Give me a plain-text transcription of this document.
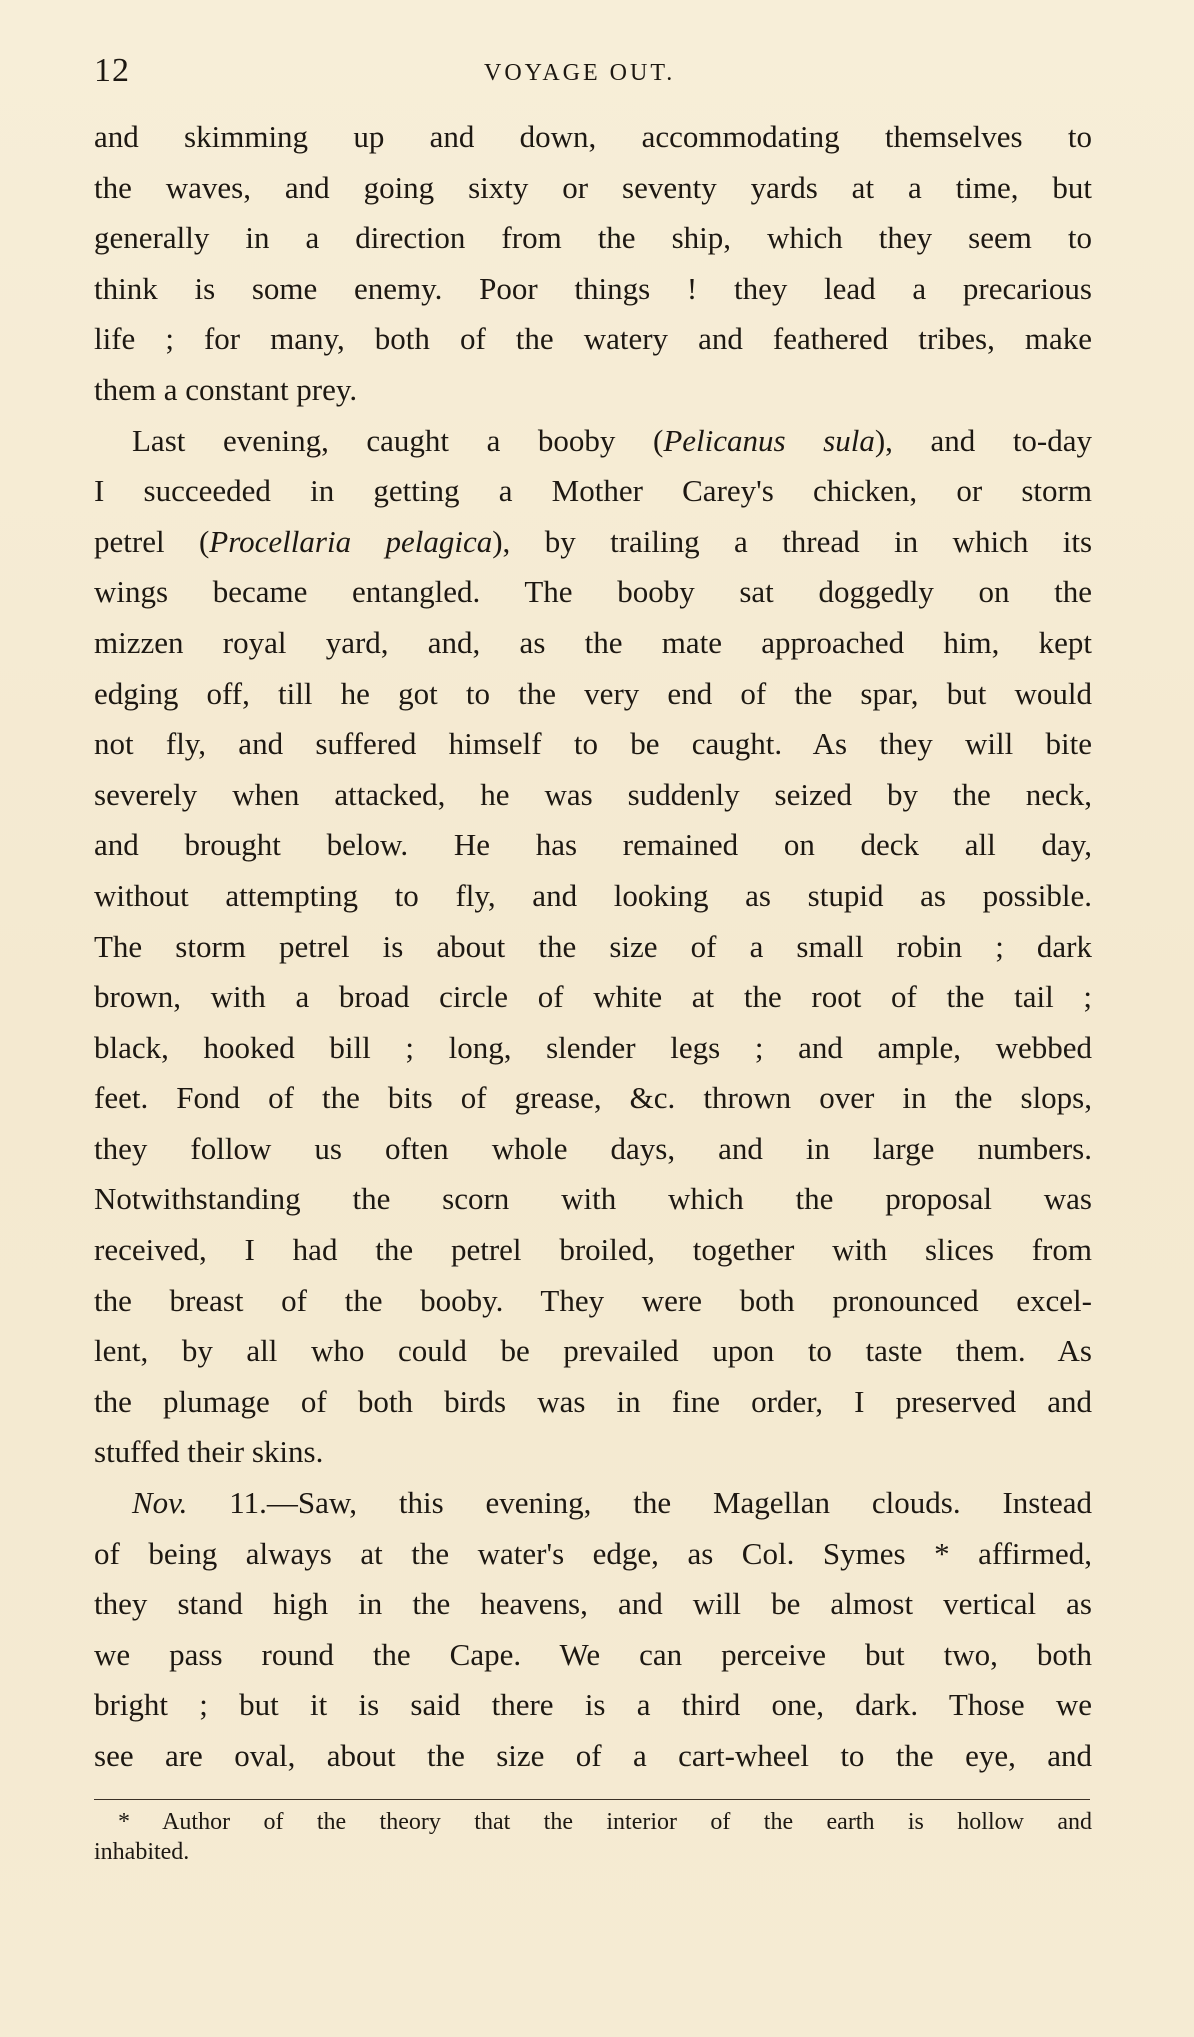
12	VOYAGE OUT.
and skimming up and down, accommodating themselves to
the waves, and going sixty or seventy yards at a time, but
generally in a direction from the ship, which they seem to
think is some enemy. Poor things ! they lead a precarious
life ; for many, both of the watery and feathered tribes, make
them a constant prey.
Last evening, caught a booby (Pelicanus sula), and to-day
I succeeded in getting a Mother Carey's chicken, or storm
petrel (Procellaria pelagica), by trailing a thread in which its
wings became entangled. The booby sat doggedly on the
mizzen royal yard, and, as the mate approached him, kept
edging off, till he got to the very end of the spar, but would
not fly, and suffered himself to be caught. As they will bite
severely when attacked, he was suddenly seized by the neck,
and brought below. He has remained on deck all day,
without attempting to fly, and looking as stupid as possible.
The storm petrel is about the size of a small robin ; dark
brown, with a broad circle of white at the root of the tail ;
black, hooked bill ; long, slender legs ; and ample, webbed
feet. Fond of the bits of grease, &c. thrown over in the slops,
they follow us often whole days, and in large numbers.
Notwithstanding the scorn with which the proposal was
received, I had the petrel broiled, together with slices from
the breast of the booby. They were both pronounced excel-
lent, by all who could be prevailed upon to taste them. As
the plumage of both birds was in fine order, I preserved and
stuffed their skins.
Nov. 11.—Saw, this evening, the Magellan clouds. Instead
of being always at the water's edge, as Col. Symes * affirmed,
they stand high in the heavens, and will be almost vertical as
we pass round the Cape. We can perceive but two, both
bright ; but it is said there is a third one, dark. Those we
see are oval, about the size of a cart-wheel to the eye, and
* Author of the theory that the interior of the earth is hollow and
inhabited.
